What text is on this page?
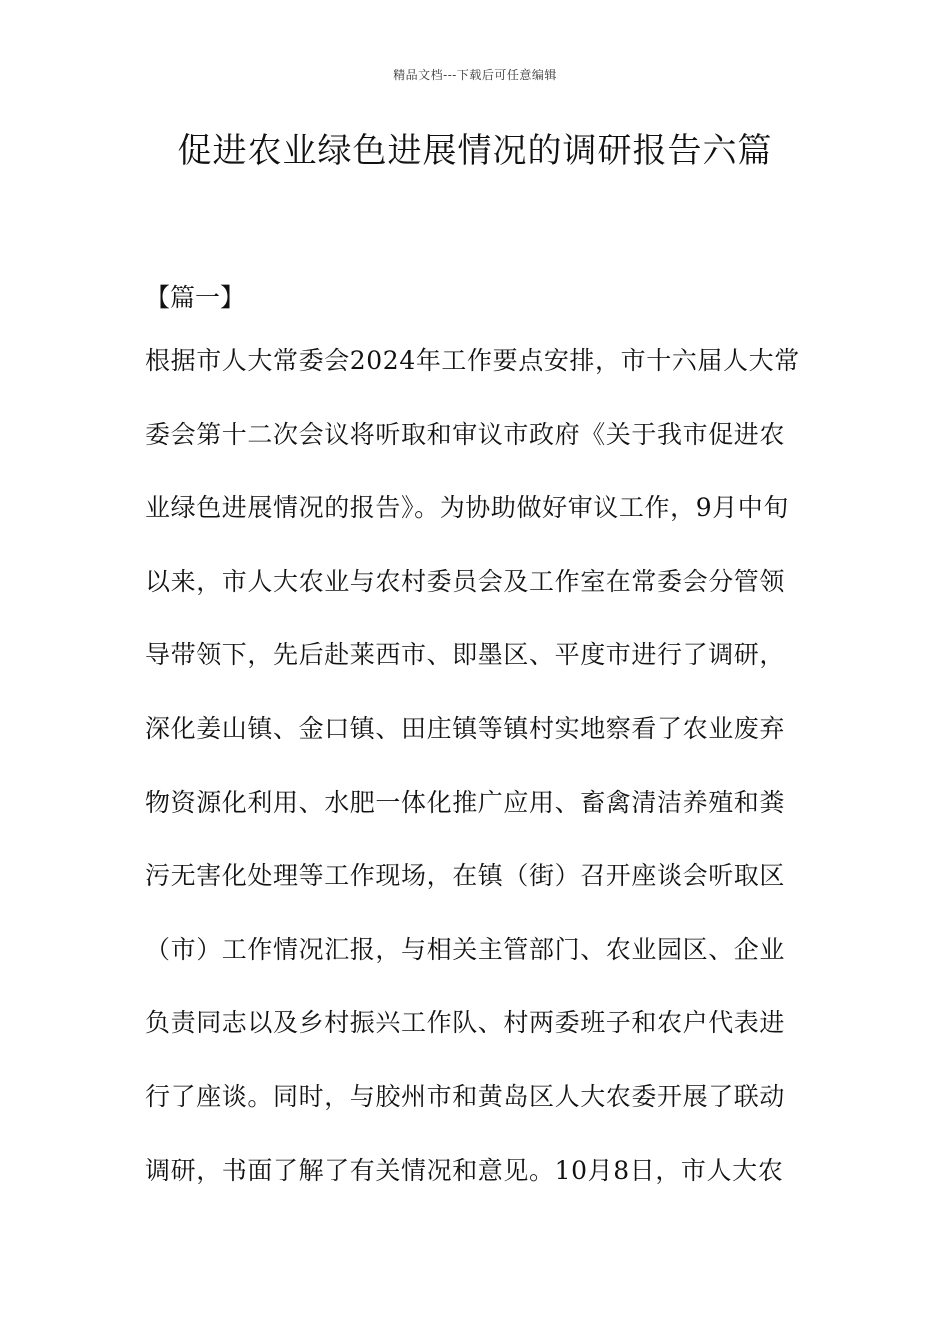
精品文档---下载后可任意编辑
促进农业绿色进展情况的调研报告六篇
【篇一】
根据市人大常委会2024年工作要点安排，市十六届人大常
委会第十二次会议将听取和审议市政府《关于我市促进农
业绿色进展情况的报告》。为协助做好审议工作，9月中旬
以来，市人大农业与农村委员会及工作室在常委会分管领
导带领下，先后赴莱西市、即墨区、平度市进行了调研，
深化姜山镇、金口镇、田庄镇等镇村实地察看了农业废弃
物资源化利用、水肥一体化推广应用、畜禽清洁养殖和粪
污无害化处理等工作现场，在镇（街）召开座谈会听取区
（市）工作情况汇报，与相关主管部门、农业园区、企业
负责同志以及乡村振兴工作队、村两委班子和农户代表进
行了座谈。同时，与胶州市和黄岛区人大农委开展了联动
调研，书面了解了有关情况和意见。10月8日，市人大农
